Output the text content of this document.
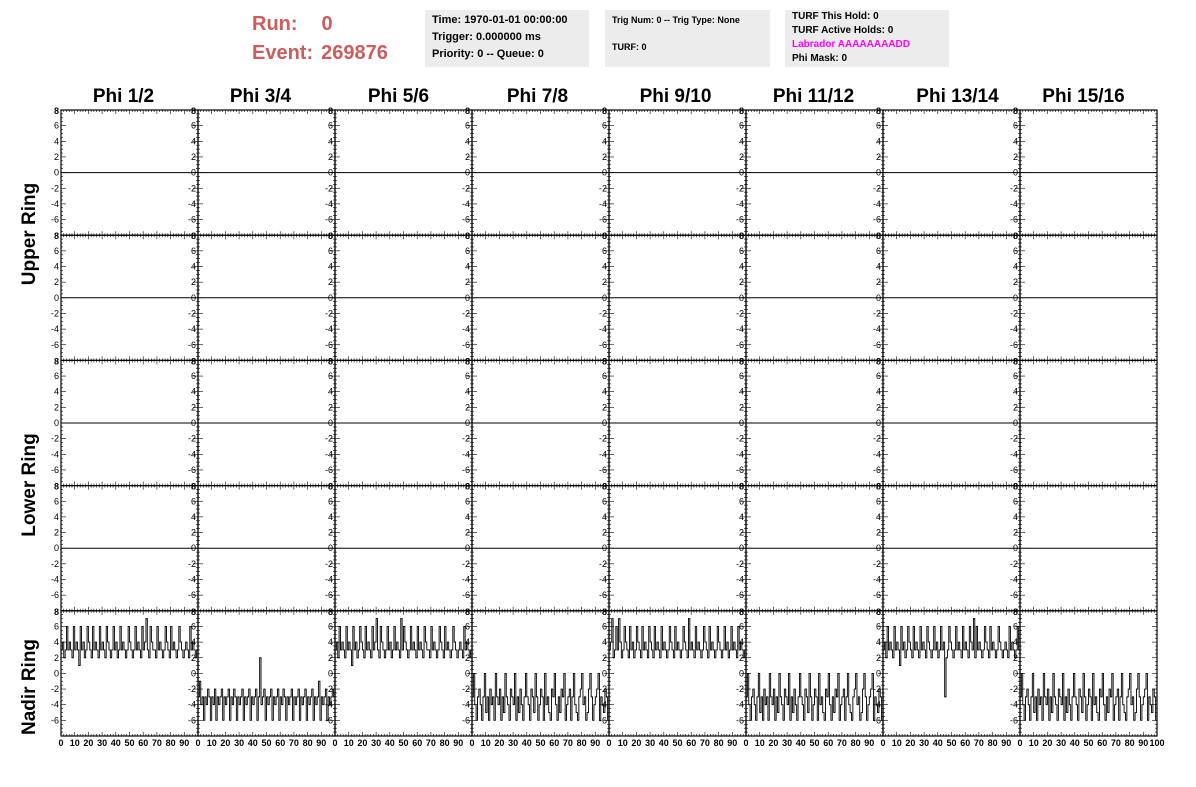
Run: 0
Event: 269876
Time: 1970-01-01 00:00:00
Trigger: 0.000000 ms
Priority: 0 -- Queue: 0
Trig Num: 0 -- Trig Type: None
TURF: 0
TURF This Hold: 0
TURF Active Holds: 0
Labrador AAAAAAAADD
Phi Mask: 0
Phi 1/2	Phi 3/4	Phi 5/6	Phi 7/8	Phi 9/10	Phi 11/12	Phi 13/14	Phi 15/16
Upper Ring
Lower Ring
Nadir Ring
-6
-4
-2
0
2
4
6
8
-6
-4
-2
0
2
4
6
8
-6
-4
-2
0
2
4
6
8
-6
-4
-2
0
2
4
6
8
-6
-4
-2
0
2
4
6
8
-6
-4
-2
0
2
4
6
8
-6
-4
-2
0
2
4
6
8
-6
-4
-2
0
2
4
6
8
-6
-4
-2
0
2
4
6
8
-6
-4
-2
0
2
4
6
8
-6
-4
-2
0
2
4
6
8
-6
-4
-2
0
2
4
6
8
-6
-4
-2
0
2
4
6
8
-6
-4
-2
0
2
4
6
8
-6
-4
-2
0
2
4
6
8
-6
-4
-2
0
2
4
6
8
-6
-4
-2
0
2
4
6
8
-6
-4
-2
0
2
4
6
8
-6
-4
-2
0
2
4
6
8
-6
-4
-2
0
2
4
6
8
-6
-4
-2
0
2
4
6
8
-6
-4
-2
0
2
4
6
8
-6
-4
-2
0
2
4
6
8
-6
-4
-2
0
2
4
6
8
-6
-4
-2
0
2
4
6
8
-6
-4
-2
0
2
4
6
8
-6
-4
-2
0
2
4
6
8
-6
-4
-2
0
2
4
6
8
-6
-4
-2
0
2
4
6
8
-6
-4
-2
0
2
4
6
8
-6
-4
-2
0
2
4
6
8
-6
-4
-2
0
2
4
6
8
-6
-4
-2
0
2
4
6
8
0 10 20 30 40 50 60 70 80 90
-6
-4
-2
0
2
4
6
8
0 10 20 30 40 50 60 70 80 90
-6
-4
-2
0
2
4
6
8
0 10 20 30 40 50 60 70 80 90
-6
-4
-2
0
2
4
6
8
0 10 20 30 40 50 60 70 80 90
-6
-4
-2
0
2
4
6
8
0 10 20 30 40 50 60 70 80 90
-6
-4
-2
0
2
4
6
8
0 10 20 30 40 50 60 70 80 90
-6
-4
-2
0
2
4
6
8
0 10 20 30 40 50 60 70 80 90
-6
-4
-2
0
2
4
6
8
0 10 20 30 40 50 60 70 80 90 100
